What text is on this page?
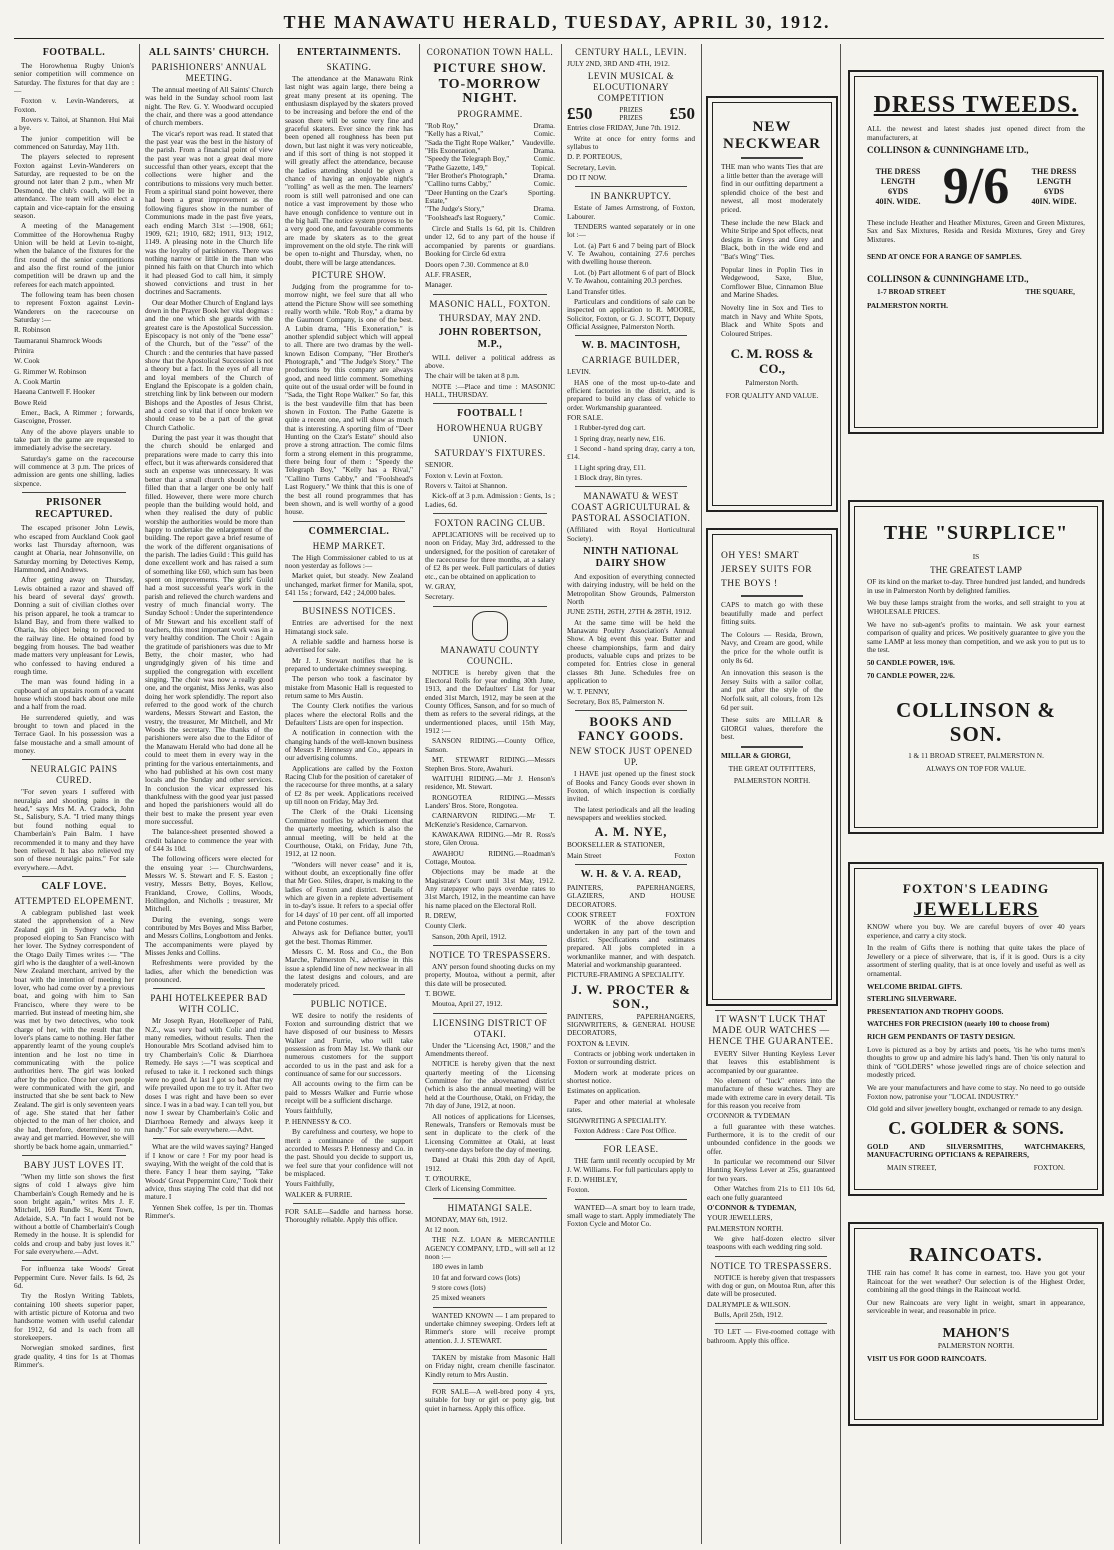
THE MANAWATU HERALD, TUESDAY, APRIL 30, 1912.
FOOTBALL.

The Horowhenua Rugby Union's senior competition will commence on Saturday. The fixtures for that day are :—

Foxton v. Levin-Wanderers, at Foxton.

Rovers v. Taitoi, at Shannon. Hui Mai a bye.

The junior competition will be commenced on Saturday, May 11th.

The players selected to represent Foxton against Levin-Wanderers on Saturday, are requested to be on the ground not later than 2 p.m., when Mr Desmond, the club's coach, will be in attendance. The team will also elect a captain and vice-captain for the ensuing season.

A meeting of the Management Committee of the Horowhenua Rugby Union will be held at Levin to-night, when the balance of the fixtures for the first round of the senior competitions and also the first round of the junior competition will be drawn up and the referees for each match appointed.

The following team has been chosen to represent Foxton against Levin-Wanderers on the racecourse on Saturday :—

R. Robinson

Taumaranui Shamrock Woods

Prinira

W. Cook

G. Rimmer W. Robinson

A. Cook Martin

Haeana Cantwell F. Hooker

Bowe Reid

Emer., Back, A Rimmer ; forwards, Gascoigne, Prosser.

Any of the above players unable to take part in the game are requested to immediately advise the secretary.

Saturday's game on the racecourse will commence at 3 p.m. The prices of admission are gents one shilling, ladies sixpence.

PRISONER RECAPTURED.

The escaped prisoner John Lewis, who escaped from Auckland Cook gaol works last Thursday afternoon, was caught at Oharia, near Johnsonville, on Saturday morning by Detectives Kemp, Hammond, and Andrews.

After getting away on Thursday, Lewis obtained a razor and shaved off his beard of several days' growth. Donning a suit of civilian clothes over his prison apparel, he took a tramcar to Island Bay, and from there walked to Oharia, his object being to proceed to the railway line. He obtained food by begging from houses. The bad weather made matters very unpleasant for Lewis, who confessed to having endured a rough time.

The man was found hiding in a cupboard of an upstairs room of a vacant house which stood back about one mile and a half from the road.

He surrendered quietly, and was brought to town and placed in the Terrace Gaol. In his possession was a false moustache and a small amount of money.

NEURALGIC PAINS CURED.

"For seven years I suffered with neuralgia and shooting pains in the head," says Mrs M. A. Cradock, John St., Salisbury, S.A. "I tried many things but found nothing equal to Chamberlain's Pain Balm. I have recommended it to many and they have been relieved. It has also relieved my son of these neuralgic pains." For sale everywhere.—Advt.

CALF LOVE.
ATTEMPTED ELOPEMENT.

A cablegram published last week stated the apprehension of a New Zealand girl in Sydney who had proposed eloping to San Francisco with her lover. The Sydney correspondent of the Otago Daily Times writes :— "The girl who is the daughter of a well-known New Zealand merchant, arrived by the boat with the intention of meeting her lover, who had come over by a previous boat, and going with him to San Francisco, where they were to be married. But instead of meeting him, she was met by two detectives, who took charge of her, with the result that the lover's plans came to nothing. Her father apparently learnt of the young couple's intention and he lost no time in communicating with the police authorities here. The girl was looked after by the police. Once her own people were communicated with the girl, and instructed that she be sent back to New Zealand. The girl is only seventeen years of age. She stated that her father objected to the man of her choice, and she had, therefore, determined to run away and get married. However, she will shortly be back home again, unmarried."

BABY JUST LOVES IT.

"When my little son shows the first signs of cold I always give him Chamberlain's Cough Remedy and he is soon bright again," writes Mrs J. F. Mitchell, 169 Rundle St., Kent Town, Adelaide, S.A. "In fact I would not be without a bottle of Chamberlain's Cough Remedy in the house. It is splendid for colds and croup and baby just loves it." For sale everywhere.—Advt.

For influenza take Woods' Great Peppermint Cure. Never fails. Is 6d, 2s 6d.

Try the Roslyn Writing Tablets, containing 100 sheets superior paper, with artistic picture of Kotorua and two handsome women with useful calendar for 1912, 6d and 1s each from all storekeepers.

Norwegian smoked sardines, first grade quality, 4 tins for 1s at Thomas Rimmer's.

ALL SAINTS' CHURCH.
PARISHIONERS' ANNUAL MEETING.

The annual meeting of All Saints' Church was held in the Sunday school room last night. The Rev. G. Y. Woodward occupied the chair, and there was a good attendance of church members.

The vicar's report was read. It stated that the past year was the best in the history of the parish. From a financial point of view the past year was not a great deal more successful than other years, except that the collections were higher and the contributions to missions very much better. From a spiritual stand point however, there had been a great improvement as the following figures show in the number of Communions made in the past five years, each ending March 31st :—1908, 661; 1909, 621; 1910, 682; 1911, 913; 1912, 1149. A pleasing note in the Church life was the loyalty of parishioners. There was nothing narrow or little in the man who pinned his faith on that Church into which it had pleased God to call him, it simply showed convictions and trust in her doctrines and Sacraments.

Our dear Mother Church of England lays down in the Prayer Book her vital dogmas : and the one which she guards with the greatest care is the Apostolical Succession. Episcopacy is not only of the "bene esse" of the Church, but of the "esse" of the Church : and the centuries that have passed show that the Apostolical Succession is not a theory but a fact. In the eyes of all true and loyal members of the Church of England the Episcopate is a golden chain, stretching link by link between our modern Bishops and the Apostles of Jesus Christ, and a cord so vital that if once broken we should cease to be a part of the great Church Catholic.

During the past year it was thought that the church should be enlarged and preparations were made to carry this into effect, but it was afterwards considered that such an expense was unnecessary. It was better that a small church should be well filled than that a larger one be only half filled. However, there were more church people than the building would hold, and when they realised the duty of public worship the authorities would be more than happy to undertake the enlargement of the building. The report gave a brief resume of the work of the different organisations of the parish. The ladies Guild : This guild has done excellent work and has raised a sum of something like £60, which sum has been spent on improvements. The girls' Guild had a most successful year's work in the parish and relieved the church wardens and vestry of much financial worry. The Sunday School : Under the superintendence of Mr Stewart and his excellent staff of teachers, this most important work was in a very healthy condition. The Choir : Again the gratitude of parishioners was due to Mr Betty, the choir master, who had ungrudgingly given of his time and supplied the congregation with excellent singing. The choir was now a really good one, and the organist, Miss Jenks, was also doing her work splendidly. The report also referred to the good work of the church wardens, Messrs Stewart and Easton, the vestry, the treasurer, Mr Mitchell, and Mr Woods the secretary. The thanks of the parishioners were also due to the Editor of the Manawatu Herald who had done all he could to meet them in every way in the printing for the various entertainments, and who had published at his own cost many locals and the Sunday and other services. In conclusion the vicar expressed his thankfulness with the good year just passed and hoped the parishioners would all do their best to make the present year even more successful.

The balance-sheet presented showed a credit balance to commence the year with of £44 3s 10d.

The following officers were elected for the ensuing year :— Churchwardens, Messrs W. S. Stewart and F. S. Easton ; vestry, Messrs Betty, Boyes, Kellow, Frankland, Crowe, Collins, Woods, Hollingdon, and Nicholls ; treasurer, Mr Mitchell.

During the evening, songs were contributed by Mrs Boyes and Miss Barber, and Messrs Collins, Longbottom and Jenks. The accompaniments were played by Misses Jenks and Collins.

Refreshments were provided by the ladies, after which the benediction was pronounced.

PAHI HOTELKEEPER BAD WITH COLIC.

Mr Joseph Ryan, Hotelkeeper of Pahi, N.Z., was very bad with Colic and tried many remedies, without results. Then the Honourable Mrs Scotland advised him to try Chamberlain's Colic & Diarrhoea Remedy. He says :—"I was sceptical and refused to take it. I reckoned such things were no good. At last I got so bad that my wife prevailed upon me to try it. After two doses I was right and have been so ever since. I was in a bad way. I can tell you, but now I swear by Chamberlain's Colic and Diarrhoea Remedy and always keep it handy." For sale everywhere.—Advt.

What are the wild waves saying? Hanged if I know or care ! For my poor head is swaying, With the weight of the cold that is there. Fancy I hear them saying, "Take Woods' Great Peppermint Cure," Took their advice, thus staying The cold that did not mature. I

Yennen Shek coffee, 1s per tin. Thomas Rimmer's.

ENTERTAINMENTS.
SKATING.

The attendance at the Manawatu Rink last night was again large, there being a great many present at its opening. The enthusiasm displayed by the skaters proved to be increasing and before the end of the season there will be some very fine and graceful skaters. Ever since the rink has been opened all roughness has been put down, but last night it was very noticeable, and if this sort of thing is not stopped it will greatly affect the attendance, because the ladies attending should be given a chance of having an enjoyable night's "rolling" as well as the men. The learners' room is still well patronised and one can notice a vast improvement by those who have enough confidence to venture out in the big hall. The notice system proves to be a very good one, and favourable comments are made by skaters as to the great improvement on the old style. The rink will be open to-night and Thursday, when, no doubt, there will be large attendances.

PICTURE SHOW.

Judging from the programme for to-morrow night, we feel sure that all who attend the Picture Show will see something really worth while. "Rob Roy," a drama by the Gaumont Company, is one of the best. A Lubin drama, "His Exoneration," is another splendid subject which will appeal to all. There are two dramas by the well-known Edison Company, "Her Brother's Photograph," and "The Judge's Story." The productions by this company are always good, and need little comment. Something quite out of the usual order will be found in "Sada, the Tight Rope Walker." So far, this is the best vaudeville film that has been shown in Foxton. The Pathe Gazette is quite a recent one, and will show as much that is interesting. A sporting film of "Deer Hunting on the Czar's Estate" should also prove a strong attraction. The comic films form a strong element in this programme, there being four of them : "Speedy the Telegraph Boy," "Kelly has a Rival," "Callino Turns Cabby," and "Foolshead's Last Roguery." We think that this is one of the best all round programmes that has been shown, and is well worthy of a good house.

COMMERCIAL.
HEMP MARKET.

The High Commissioner cabled to us at noon yesterday as follows :—

Market quiet, but steady. New Zealand unchanged, market firmer for Manila, spot, £41 15s ; forward, £42 ; 24,000 bales.

BUSINESS NOTICES.

Entries are advertised for the next Himatangi stock sale.

A reliable saddle and harness horse is advertised for sale.

Mr J. J. Stewart notifies that he is prepared to undertake chimney sweeping.

The person who took a fascinator by mistake from Masonic Hall is requested to return same to Mrs Austin.

The County Clerk notifies the various places where the electoral Rolls and the Defaulters' Lists are open for inspection.

A notification in connection with the changing hands of the well-known business of Messrs P. Hennessy and Co., appears in our advertising columns.

Applications are called by the Foxton Racing Club for the position of caretaker of the racecourse for three months, at a salary of £2 8s per week. Applications received up till noon on Friday, May 3rd.

The Clerk of the Otaki Licensing Committee notifies by advertisement that the quarterly meeting, which is also the annual meeting, will be held at the Courthouse, Otaki, on Friday, June 7th, 1912, at 12 noon.

"Wonders will never cease" and it is, without doubt, an exceptionally fine offer that Mr Geo. Stiles, draper, is making to the ladies of Foxton and district. Details of which are given in a replete advertisement in to-day's issue. It refers to a special offer for 14 days' of 10 per cent. off all imported and Petone costumes.

Always ask for Defiance butter, you'll get the best. Thomas Rimmer.

Messrs C. M. Ross and Co., the Bon Marche, Palmerston N., advertise in this issue a splendid line of new neckwear in all the latest designs and colours, and are moderately priced.

PUBLIC NOTICE.

WE desire to notify the residents of Foxton and surrounding district that we have disposed of our business to Messrs Walker and Furrie, who will take possession as from May 1st. We thank our numerous customers for the support accorded to us in the past and ask for a continuance of same for our successors.

All accounts owing to the firm can be paid to Messrs Walker and Furrie whose receipt will be a sufficient discharge.

Yours faithfully,

P. HENNESSY & CO.

By carefulness and courtesy, we hope to merit a continuance of the support accorded to Messrs P. Hennessy and Co. in the past. Should you decide to support us, we feel sure that your confidence will not be misplaced.

Yours Faithfully,

WALKER & FURRIE.

FOR SALE—Saddle and harness horse. Thoroughly reliable. Apply this office.

CORONATION TOWN HALL.
PICTURE SHOW.
TO-MORROW NIGHT.
PROGRAMME.
"Rob Roy,"	Drama.
"Kelly has a Rival,"	Comic.
"Sada the Tight Rope Walker," Vaudeville.
"His Exoneration,"	Drama.
"Speedy the Telegraph Boy,"	Comic.
"Pathe Gazette, 149,"	Topical.
"Her Brother's Photograph,"	Drama.
"Callino turns Cabby,"	Comic.
"Deer Hunting on the Czar's Estate,"
Sporting.
"The Judge's Story,"	Drama.
"Foolshead's last Roguery,"	Comic.

Circle and Stalls 1s 6d, pit 1s. Children under 12, 6d to any part of the house if accompanied by parents or guardians. Booking for Circle 6d extra

Doors open 7.30. Commence at 8.0

ALF. FRASER,

Manager.

MASONIC HALL, FOXTON.
THURSDAY, MAY 2ND.
JOHN ROBERTSON, M.P.,

WILL deliver a political address as above.

The chair will be taken at 8 p.m.

NOTE :—Place and time : MASONIC HALL, THURSDAY.

FOOTBALL !
HOROWHENUA RUGBY UNION.
SATURDAY'S FIXTURES.

SENIOR.

Foxton v. Levin at Foxton.

Rovers v. Taitoi at Shannon.

Kick-off at 3 p.m. Admission : Gents, 1s ; Ladies, 6d.

FOXTON RACING CLUB.

APPLICATIONS will be received up to noon on Friday, May 3rd, addressed to the undersigned, for the position of caretaker of the racecourse for three months, at a salary of £2 8s per week. Full particulars of duties etc., can be obtained on application to

W. GRAY,

Secretary.

MANAWATU COUNTY COUNCIL.

NOTICE is hereby given that the Electoral Rolls for year ending 30th June, 1913, and the Defaulters' List for year ended 31st March, 1912, may be seen at the County Offices, Sanson, and for so much of them as refers to the several ridings, at the undermentioned places, until 15th May, 1912 :—

SANSON RIDING.—County Office, Sanson.

MT. STEWART RIDING.—Messrs Stephen Bros. Store, Awahuri.

WAITUHI RIDING.—Mr J. Henson's residence, Mt. Stewart.

RONGOTEA RIDING.—Messrs Landers' Bros. Store, Rongotea.

CARNARVON RIDING.—Mr T. McKenzie's Residence, Carnarvon.

KAWAKAWA RIDING.—Mr R. Ross's store, Glen Oroua.

AWAHOU RIDING.—Roadman's Cottage, Moutoa.

Objections may be made at the Magistrate's Court until 31st May, 1912. Any ratepayer who pays overdue rates to 31st March, 1912, in the meantime can have his name placed on the Electoral Roll.

R. DREW,

County Clerk.

Sanson, 20th April, 1912.

NOTICE TO TRESPASSERS.

ANY person found shooting ducks on my property, Moutoa, without a permit, after this date will be prosecuted.

T. BOWE.

Moutoa, April 27, 1912.

LICENSING DISTRICT OF OTAKI.

Under the "Licensing Act, 1908," and the Amendments thereof.

NOTICE is hereby given that the next quarterly meeting of the Licensing Committee for the abovenamed district (which is also the annual meeting) will be held at the Courthouse, Otaki, on Friday, the 7th day of June, 1912, at noon.

All notices of applications for Licenses, Renewals, Transfers or Removals must be sent in duplicate to the clerk of the Licensing Committee at Otaki, at least twenty-one days before the day of meeting.

Dated at Otaki this 20th day of April, 1912.

T. O'ROURKE,

Clerk of Licensing Committee.

HIMATANGI SALE.

MONDAY, MAY 6th, 1912.

At 12 noon.

THE N.Z. LOAN & MERCANTILE AGENCY COMPANY, LTD., will sell at 12 noon :—

180 ewes in lamb

10 fat and forward cows (lots)

9 store cows (lots)

25 mixed weaners

WANTED KNOWN — I am prepared to undertake chimney sweeping. Orders left at Rimmer's store will receive prompt attention. J. J. STEWART.

TAKEN by mistake from Masonic Hall on Friday night, cream chenille fascinator. Kindly return to Mrs Austin.

FOR SALE—A well-bred pony 4 yrs, suitable for buy or girl or pony gig, but quiet in harness. Apply this office.

CENTURY HALL, LEVIN.

JULY 2ND, 3RD AND 4TH, 1912.

LEVIN MUSICAL & ELOCUTIONARY COMPETITION
£50	PRIZES
PRIZES £50

Entries close FRIDAY, June 7th. 1912.

Write at once for entry forms and syllabus to

D. P. PORTEOUS,

Secretary, Levin.

DO IT NOW.

IN BANKRUPTCY.

Estate of James Armstrong, of Foxton, Labourer.

TENDERS wanted separately or in one lot :—

Lot. (a) Part 6 and 7 being part of Block V. Te Awahou, containing 27.6 perches with dwelling house thereon.

Lot. (b) Part allotment 6 of part of Block V. Te Awahou, containing 20.3 perches.

Land Transfer titles.

Particulars and conditions of sale can be inspected on application to R. MOORE, Solicitor, Foxton, or G. J. SCOTT, Deputy Official Assignee, Palmerston North.

W. B. MACINTOSH,
CARRIAGE BUILDER,

LEVIN.

HAS one of the most up-to-date and efficient factories in the district, and is prepared to build any class of vehicle to order. Workmanship guaranteed.

FOR SALE.

1 Rubber-tyred dog cart.

1 Spring dray, nearly new, £16.

1 Second - hand spring dray, carry a ton, £14.

1 Light spring dray, £11.

1 Block dray, 8in tyres.

MANAWATU & WEST COAST AGRICULTURAL & PASTORAL ASSOCIATION.

(Affiliated with Royal Horticultural Society).

NINTH NATIONAL DAIRY SHOW

And exposition of everything connected with dairying industry, will be held on the Metropolitan Show Grounds, Palmerston North

JUNE 25TH, 26TH, 27TH & 28TH, 1912.

At the same time will be held the Manawatu Poultry Association's Annual Show. A big event this year. Butter and cheese championships, farm and dairy products, valuable cups and prizes to be competed for. Entries close in general classes 8th June. Schedules free on application to

W. T. PENNY,

Secretary, Box 85, Palmerston N.

BOOKS AND FANCY GOODS.
NEW STOCK JUST OPENED UP.

I HAVE just opened up the finest stock of Books and Fancy Goods ever shown in Foxton, of which inspection is cordially invited.

The latest periodicals and all the leading newspapers and weeklies stocked.

A. M. NYE,

BOOKSELLER & STATIONER,

Main Street	Foxton
W. H. & V. A. READ,

PAINTERS, PAPERHANGERS, GLAZIERS, AND HOUSE DECORATORS.

COOK STREET	FOXTON

WORK of the above description undertaken in any part of the town and district. Specifications and estimates prepared. All jobs completed in a workmanlike manner, and with despatch. Material and workmanship guaranteed.

PICTURE-FRAMING A SPECIALITY.

J. W. PROCTER & SON.,

PAINTERS, PAPERHANGERS, SIGNWRITERS, & GENERAL HOUSE DECORATORS,

FOXTON & LEVIN.

Contracts or jobbing work undertaken in Foxton or surrounding district.

Modern work at moderate prices on shortest notice.

Estimates on application.

Paper and other material at wholesale rates.

SIGNWRITING A SPECIALITY.

Foxton Address : Care Post Office.

FOR LEASE.

THE farm until recently occupied by Mr J. W. Williams. For full particulars apply to

F. D. WHIBLEY,

Foxton.

WANTED—A smart boy to learn trade, small wage to start. Apply immediately The Foxton Cycle and Motor Co.

NEW NECKWEAR

THE man who wants Ties that are a little better than the average will find in our outfitting department a splendid choice of the best and newest, all most moderately priced.

These include the new Black and White Stripe and Spot effects, neat designs in Greys and Grey and Black, both in the wide end and "Bat's Wing" Ties.

Popular lines in Poplin Ties in Wedgewood, Saxe, Blue, Cornflower Blue, Cinnamon Blue and Marine Shades.

Novelty line in Sox and Ties to match in Navy and White Spots, Black and White Spots and Coloured Stripes.

C. M. ROSS & CO.,

Palmerston North.

FOR QUALITY AND VALUE.

OH YES! SMART JERSEY SUITS FOR THE BOYS !

CAPS to match go with these beautifully made and perfect fitting suits.

The Colours — Resida, Brown, Navy, and Cream are good, while the price for the whole outfit is only 8s 6d.

An innovation this season is the Jersey Suits with a sailor collar, and put after the style of the Norfolk suit, all colours, from 12s 6d per suit.

These suits are MILLAR & GIORGI values, therefore the best.

MILLAR & GIORGI,

THE GREAT OUTFITTERS,

PALMERSTON NORTH.

IT WASN'T LUCK THAT MADE OUR WATCHES — HENCE THE GUARANTEE.

EVERY Silver Hunting Keyless Lever that leaves this establishment is accompanied by our guarantee.

No element of "luck" enters into the manufacture of these watches. They are made with extreme care in every detail. 'Tis for this reason you receive from

O'CONNOR & TYDEMAN

a full guarantee with these watches. Furthermore, it is to the credit of our unbounded confidence in the goods we offer.

In particular we recommend our Silver Hunting Keyless Lever at 25s, guaranteed for two years.

Other Watches from 21s to £11 10s 6d, each one fully guaranteed

O'CONNOR & TYDEMAN,

YOUR JEWELLERS,

PALMERSTON NORTH.

We give half-dozen electro silver teaspoons with each wedding ring sold.

NOTICE TO TRESPASSERS.

NOTICE is hereby given that trespassers with dog or gun, on Moutoa Run, after this date will be prosecuted.

DALRYMPLE & WILSON.

Bulls, April 25th, 1912.

TO LET — Five-roomed cottage with bathroom. Apply this office.

DRESS TWEEDS.

ALL the newest and latest shades just opened direct from the manufacturers, at

COLLINSON & CUNNINGHAME LTD.,

THE DRESS LENGTH
6YDS
40IN. WIDE. 9/6	THE DRESS LENGTH
6YDS
40IN. WIDE.

These include Heather and Heather Mixtures, Green and Green Mixtures, Sax and Sax Mixtures, Resida and Resida Mixtures, Grey and Grey Mixtures.

SEND AT ONCE FOR A RANGE OF SAMPLES.

COLLINSON & CUNNINGHAME LTD.,

1-7 BROAD STREET	THE SQUARE,

PALMERSTON NORTH.

THE "SURPLICE"

IS

THE GREATEST LAMP

OF its kind on the market to-day. Three hundred just landed, and hundreds in use in Palmerston North by delighted families.

We buy these lamps straight from the works, and sell straight to you at WHOLESALE PRICES.

We have no sub-agent's profits to maintain. We ask your earnest comparison of quality and prices. We positively guarantee to give you the same LAMP at less money than competition, and we ask you to put us to the test.

50 CANDLE POWER, 19/6.

70 CANDLE POWER, 22/6.

COLLINSON & SON.

1 & 11 BROAD STREET, PALMERSTON N.

ALWAYS ON TOP FOR VALUE.

FOXTON'S LEADING
JEWELLERS

KNOW where you buy. We are careful buyers of over 40 years experience, and carry a city stock.

In the realm of Gifts there is nothing that quite takes the place of Jewellery or a piece of silverware, that is, if it is good. Ours is a city assortment of sterling quality, that is at once lovely and useful as well as ornamental.

WELCOME BRIDAL GIFTS.

STERLING SILVERWARE.

PRESENTATION AND TROPHY GOODS.

WATCHES FOR PRECISION (nearly 100 to choose from)

RICH GEM PENDANTS OF TASTY DESIGN.

Love is pictured as a boy by artists and poets, 'tis he who turns men's thoughts to grow up and admire his lady's hand. Then 'tis only natural to think of "GOLDERS" whose jewelled rings are of choice selection and modestly priced.

We are your manufacturers and have come to stay. No need to go outside Foxton now, patronise your "LOCAL INDUSTRY."

Old gold and silver jewellery bought, exchanged or remade to any design.

C. GOLDER & SONS.

GOLD AND SILVERSMITHS, WATCHMAKERS, MANUFACTURING OPTICIANS & REPAIRERS,

MAIN STREET,	FOXTON.
RAINCOATS.

THE rain has come! It has come in earnest, too. Have you got your Raincoat for the wet weather? Our selection is of the Highest Order, combining all the good things in the Raincoat world.

Our new Raincoats are very light in weight, smart in appearance, serviceable in wear, and reasonable in price.

MAHON'S

PALMERSTON NORTH.

VISIT US FOR GOOD RAINCOATS.
